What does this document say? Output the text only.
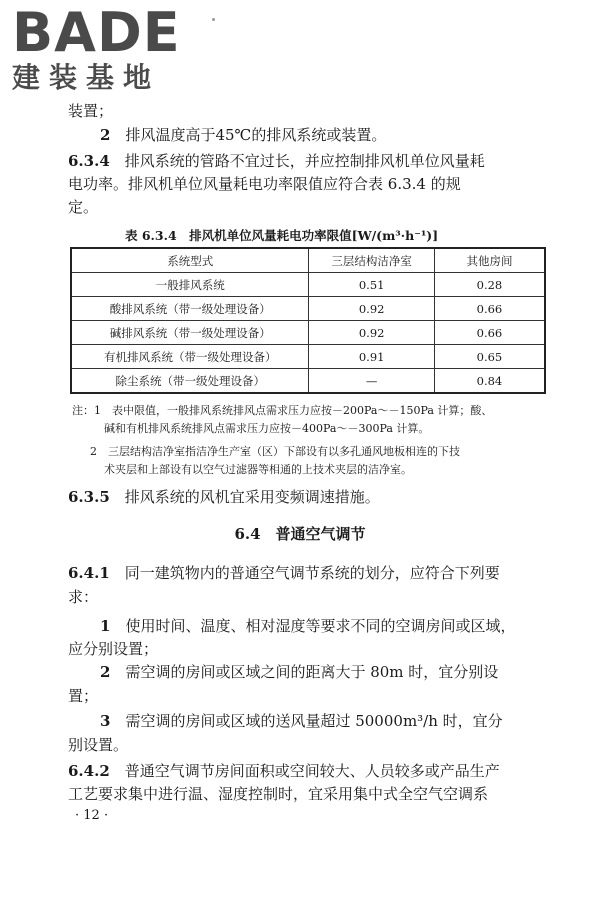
BADE
建装基地

装置；

2　 排风温度高于45℃的排风系统或装置。

6.3.4　 排风系统的管路不宜过长，并应控制排风机单位风量耗

电功率。排风机单位风量耗电功率限值应符合表 6.3.4 的规

定。

表 6.3.4　排风机单位风量耗电功率限值[W/(m³·h⁻¹)]
系统型式	三层结构洁净室	其他房间
一般排风系统	0.51	0.28
酸排风系统（带一级处理设备）	0.92	0.66
碱排风系统（带一级处理设备）	0.92	0.66
有机排风系统（带一级处理设备）	0.91	0.65
除尘系统（带一级处理设备）	—	0.84

注：1　表中限值，一般排风系统排风点需求压力应按－200Pa～－150Pa 计算；酸、

碱和有机排风系统排风点需求压力应按－400Pa～－300Pa 计算。

2　三层结构洁净室指洁净生产室（区）下部设有以多孔通风地板相连的下技

术夹层和上部设有以空气过滤器等相通的上技术夹层的洁净室。

6.3.5　 排风系统的风机宜采用变频调速措施。

6.4　普通空气调节

6.4.1　 同一建筑物内的普通空气调节系统的划分，应符合下列要

求：

1　 使用时间、温度、相对湿度等要求不同的空调房间或区域，

应分别设置；

2　 需空调的房间或区域之间的距离大于 80m 时，宜分别设

置；

3　 需空调的房间或区域的送风量超过 50000m³/h 时，宜分

别设置。

6.4.2　 普通空气调节房间面积或空间较大、人员较多或产品生产

工艺要求集中进行温、湿度控制时，宜采用集中式全空气空调系

· 12 ·
